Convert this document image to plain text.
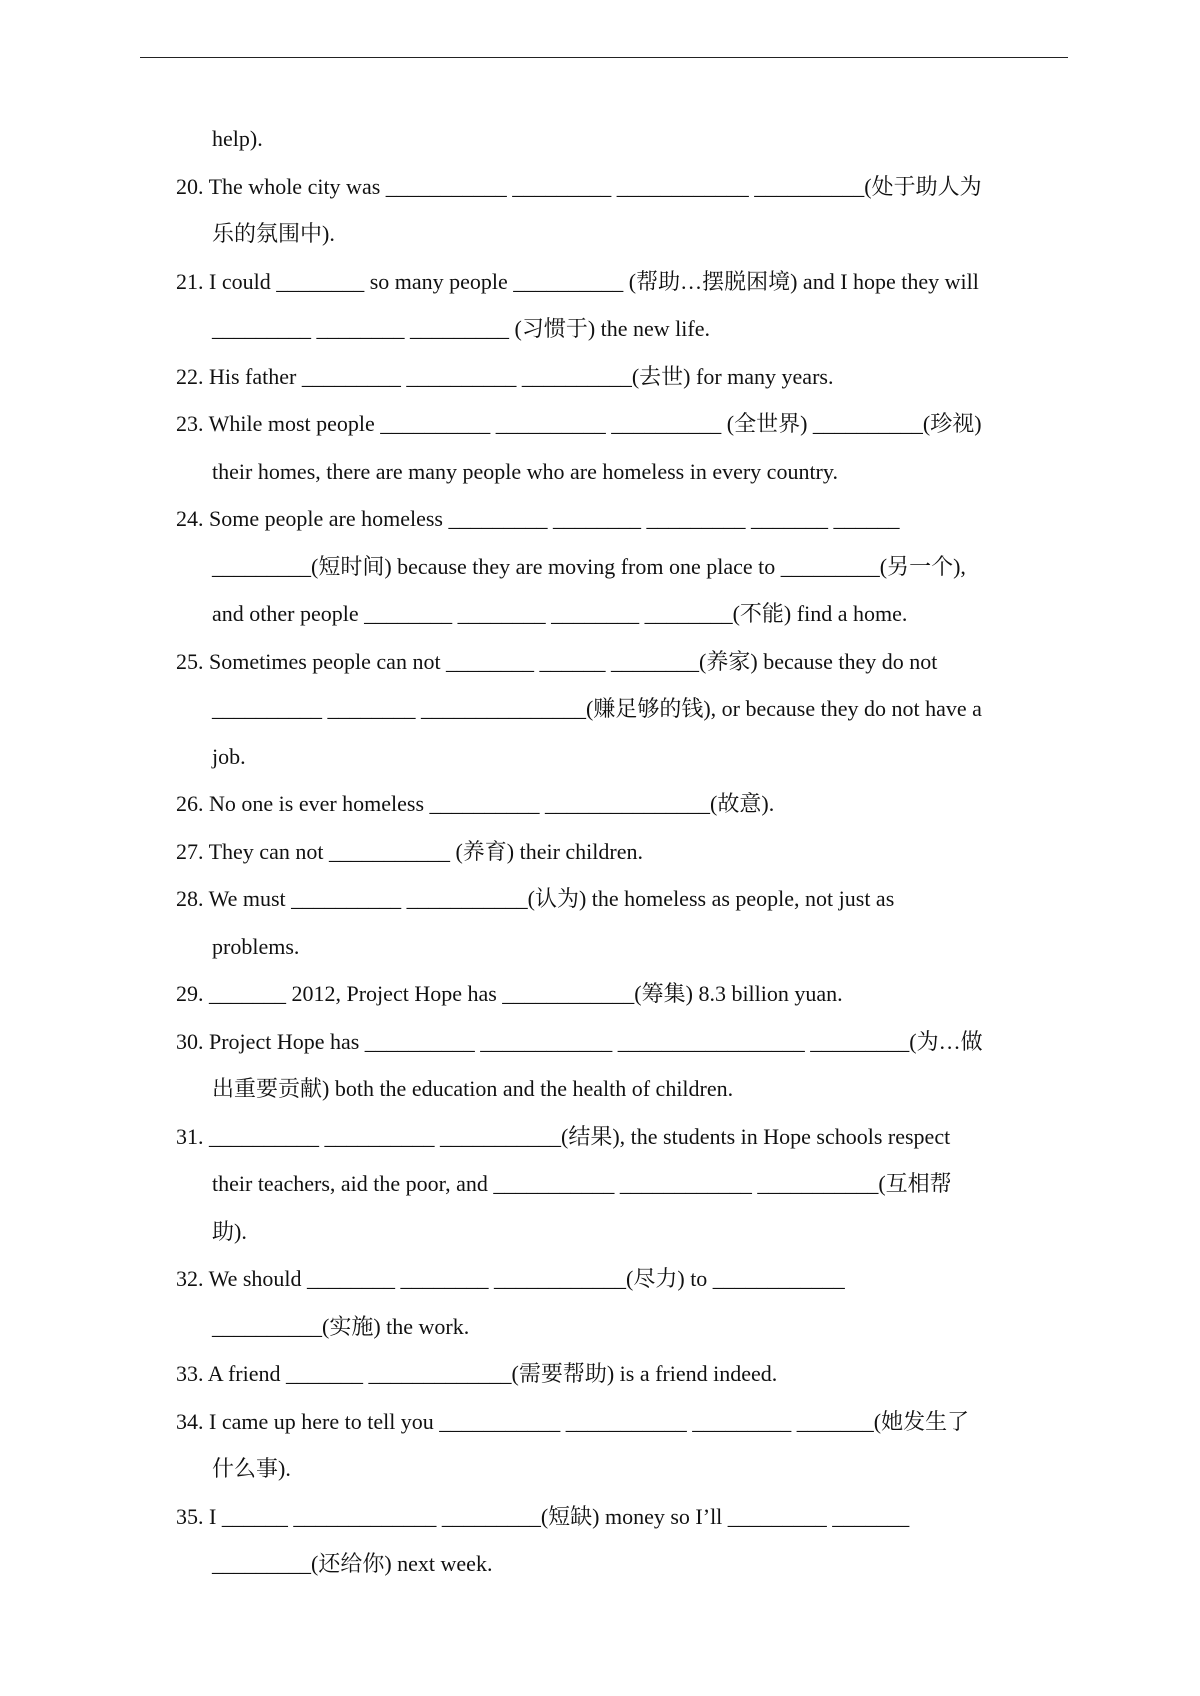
help).
20. The whole city was ___________ _________ ____________ __________(处于助人为
乐的氛围中).
21. I could ________ so many people __________ (帮助…摆脱困境) and I hope they will
_________ ________ _________ (习惯于) the new life.
22. His father _________ __________ __________(去世) for many years.
23. While most people __________ __________ __________ (全世界) __________(珍视)
their homes, there are many people who are homeless in every country.
24. Some people are homeless _________ ________ _________ _______ ______
_________(短时间) because they are moving from one place to _________(另一个),
and other people ________ ________ ________ ________(不能) find a home.
25. Sometimes people can not ________ ______ ________(养家) because they do not
__________ ________ _______________(赚足够的钱), or because they do not have a
job.
26. No one is ever homeless __________ _______________(故意).
27. They can not ___________ (养育) their children.
28. We must __________ ___________(认为) the homeless as people, not just as
problems.
29. _______ 2012, Project Hope has ____________(筹集) 8.3 billion yuan.
30. Project Hope has __________ ____________ _________________ _________(为…做
出重要贡献) both the education and the health of children.
31. __________ __________ ___________(结果), the students in Hope schools respect
their teachers, aid the poor, and ___________ ____________ ___________(互相帮
助).
32. We should ________ ________ ____________(尽力) to ____________
__________(实施) the work.
33. A friend _______ _____________(需要帮助) is a friend indeed.
34. I came up here to tell you ___________ ___________ _________ _______(她发生了
什么事).
35. I ______ _____________ _________(短缺) money so I’ll _________ _______
_________(还给你) next week.
